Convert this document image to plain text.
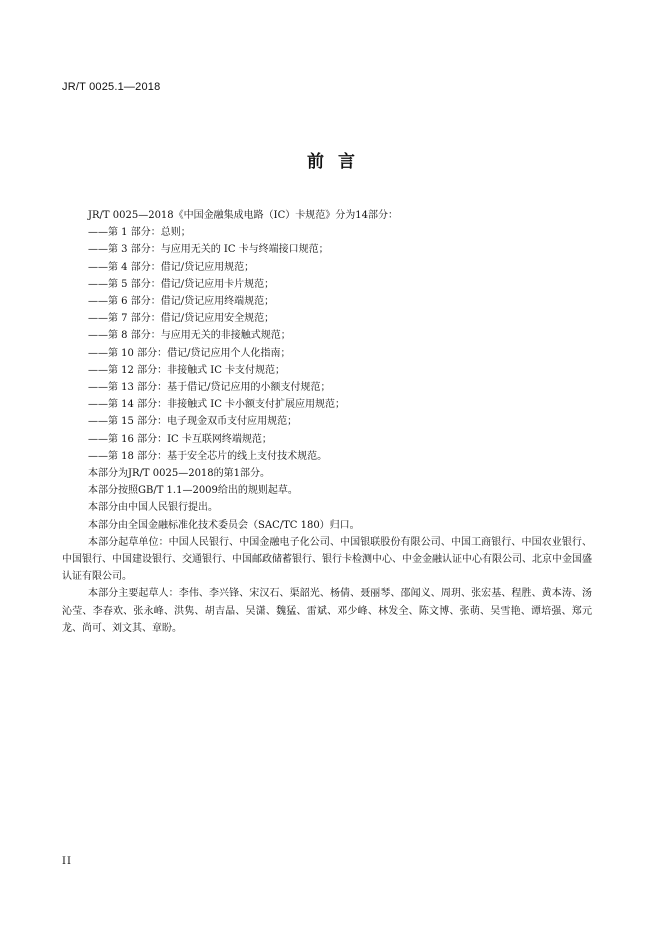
JR/T 0025.1—2018
前言

JR/T 0025—2018《中国金融集成电路（IC）卡规范》分为14部分：

——第 1 部分：总则；
——第 3 部分：与应用无关的 IC 卡与终端接口规范；
——第 4 部分：借记/贷记应用规范；
——第 5 部分：借记/贷记应用卡片规范；
——第 6 部分：借记/贷记应用终端规范；
——第 7 部分：借记/贷记应用安全规范；
——第 8 部分：与应用无关的非接触式规范；
——第 10 部分：借记/贷记应用个人化指南；
——第 12 部分：非接触式 IC 卡支付规范；
——第 13 部分：基于借记/贷记应用的小额支付规范；
——第 14 部分：非接触式 IC 卡小额支付扩展应用规范；
——第 15 部分：电子现金双币支付应用规范；
——第 16 部分：IC 卡互联网终端规范；
——第 18 部分：基于安全芯片的线上支付技术规范。

本部分为JR/T 0025—2018的第1部分。

本部分按照GB/T 1.1—2009给出的规则起草。

本部分由中国人民银行提出。

本部分由全国金融标准化技术委员会（SAC/TC 180）归口。

本部分起草单位：中国人民银行、中国金融电子化公司、中国银联股份有限公司、中国工商银行、中国农业银行、中国银行、中国建设银行、交通银行、中国邮政储蓄银行、银行卡检测中心、中金金融认证中心有限公司、北京中金国盛认证有限公司。

本部分主要起草人：李伟、李兴锋、宋汉石、渠韶光、杨倩、聂丽琴、邵闻义、周玥、张宏基、程胜、黄本涛、汤沁莹、李春欢、张永峰、洪隽、胡吉晶、吴潇、魏猛、雷斌、邓少峰、林发全、陈文博、张萌、吴雪艳、谭培强、郑元龙、尚可、刘文其、章盼。

II
